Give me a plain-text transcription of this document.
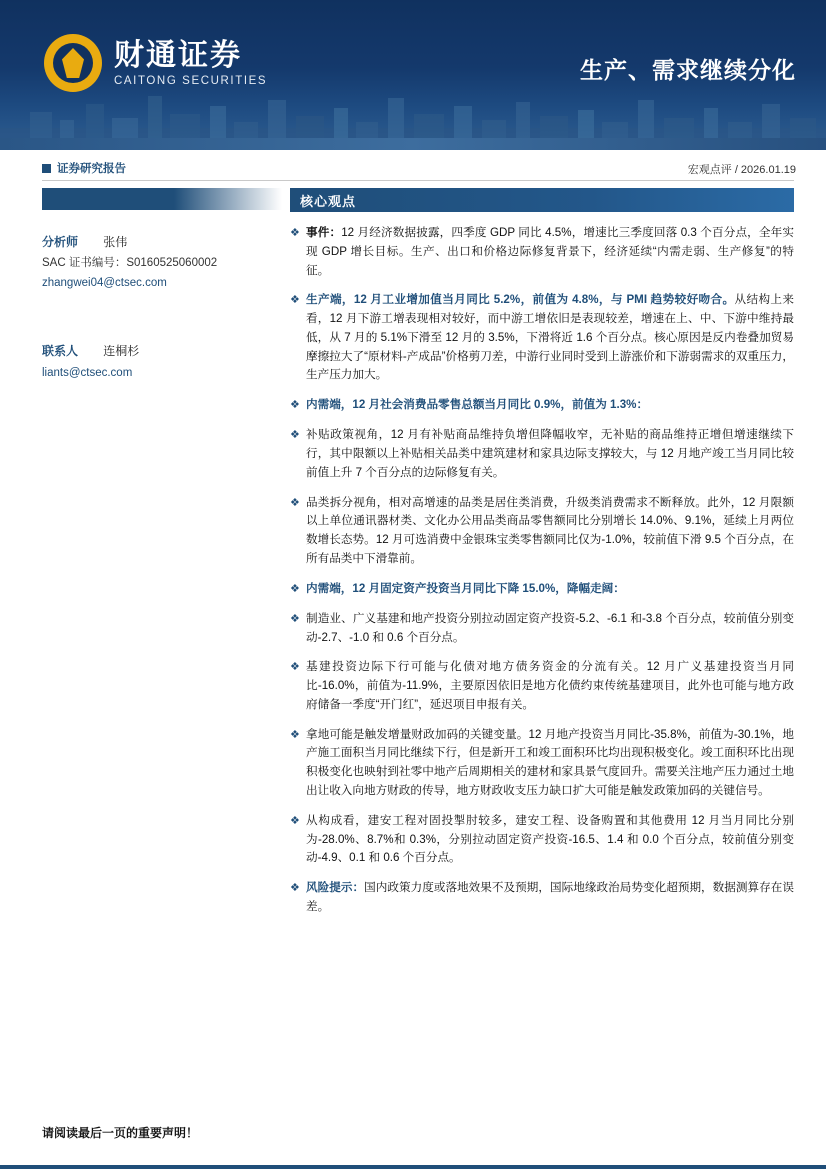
财通证券
CAITONG SECURITIES	生产、需求继续分化
证券研究报告	宏观点评 / 2026.01.19
分析师 张伟
SAC 证书编号：S0160525060002
zhangwei04@ctsec.com
联系人 连桐杉
liants@ctsec.com
核心观点
❖ 事件：12 月经济数据披露，四季度 GDP 同比 4.5%，增速比三季度回落 0.3 个百分点，全年实现 GDP 增长目标。生产、出口和价格边际修复背景下，经济延续“内需走弱、生产修复”的特征。
❖ 生产端，12 月工业增加值当月同比 5.2%，前值为 4.8%，与 PMI 趋势较好吻合。从结构上来看，12 月下游工增表现相对较好，而中游工增依旧是表现较差，增速在上、中、下游中维持最低，从 7 月的 5.1%下滑至 12 月的 3.5%，下滑将近 1.6 个百分点。核心原因是反内卷叠加贸易摩擦拉大了“原材料-产成品”价格剪刀差，中游行业同时受到上游涨价和下游弱需求的双重压力，生产压力加大。
❖ 内需端，12 月社会消费品零售总额当月同比 0.9%，前值为 1.3%：
❖ 补贴政策视角，12 月有补贴商品维持负增但降幅收窄，无补贴的商品维持正增但增速继续下行，其中限额以上补贴相关品类中建筑建材和家具边际支撑较大，与 12 月地产竣工当月同比较前值上升 7 个百分点的边际修复有关。
❖ 品类拆分视角，相对高增速的品类是居住类消费，升级类消费需求不断释放。此外，12 月限额以上单位通讯器材类、文化办公用品类商品零售额同比分别增长 14.0%、9.1%，延续上月两位数增长态势。12 月可选消费中金银珠宝类零售额同比仅为-1.0%，较前值下滑 9.5 个百分点，在所有品类中下滑靠前。
❖ 内需端，12 月固定资产投资当月同比下降 15.0%，降幅走阔：
❖ 制造业、广义基建和地产投资分别拉动固定资产投资-5.2、-6.1 和-3.8 个百分点，较前值分别变动-2.7、-1.0 和 0.6 个百分点。
❖ 基建投资边际下行可能与化债对地方债务资金的分流有关。12 月广义基建投资当月同比-16.0%，前值为-11.9%，主要原因依旧是地方化债约束传统基建项目，此外也可能与地方政府储备一季度“开门红”，延迟项目申报有关。
❖ 拿地可能是触发增量财政加码的关键变量。12 月地产投资当月同比-35.8%，前值为-30.1%，地产施工面积当月同比继续下行，但是新开工和竣工面积环比均出现积极变化。竣工面积环比出现积极变化也映射到社零中地产后周期相关的建材和家具景气度回升。需要关注地产压力通过土地出让收入向地方财政的传导，地方财政收支压力缺口扩大可能是触发政策加码的关键信号。
❖ 从构成看，建安工程对固投掣肘较多，建安工程、设备购置和其他费用 12 月当月同比分别为-28.0%、8.7%和 0.3%，分别拉动固定资产投资-16.5、1.4 和 0.0 个百分点，较前值分别变动-4.9、0.1 和 0.6 个百分点。
❖ 风险提示：国内政策力度或落地效果不及预期，国际地缘政治局势变化超预期，数据测算存在误差。
请阅读最后一页的重要声明！
